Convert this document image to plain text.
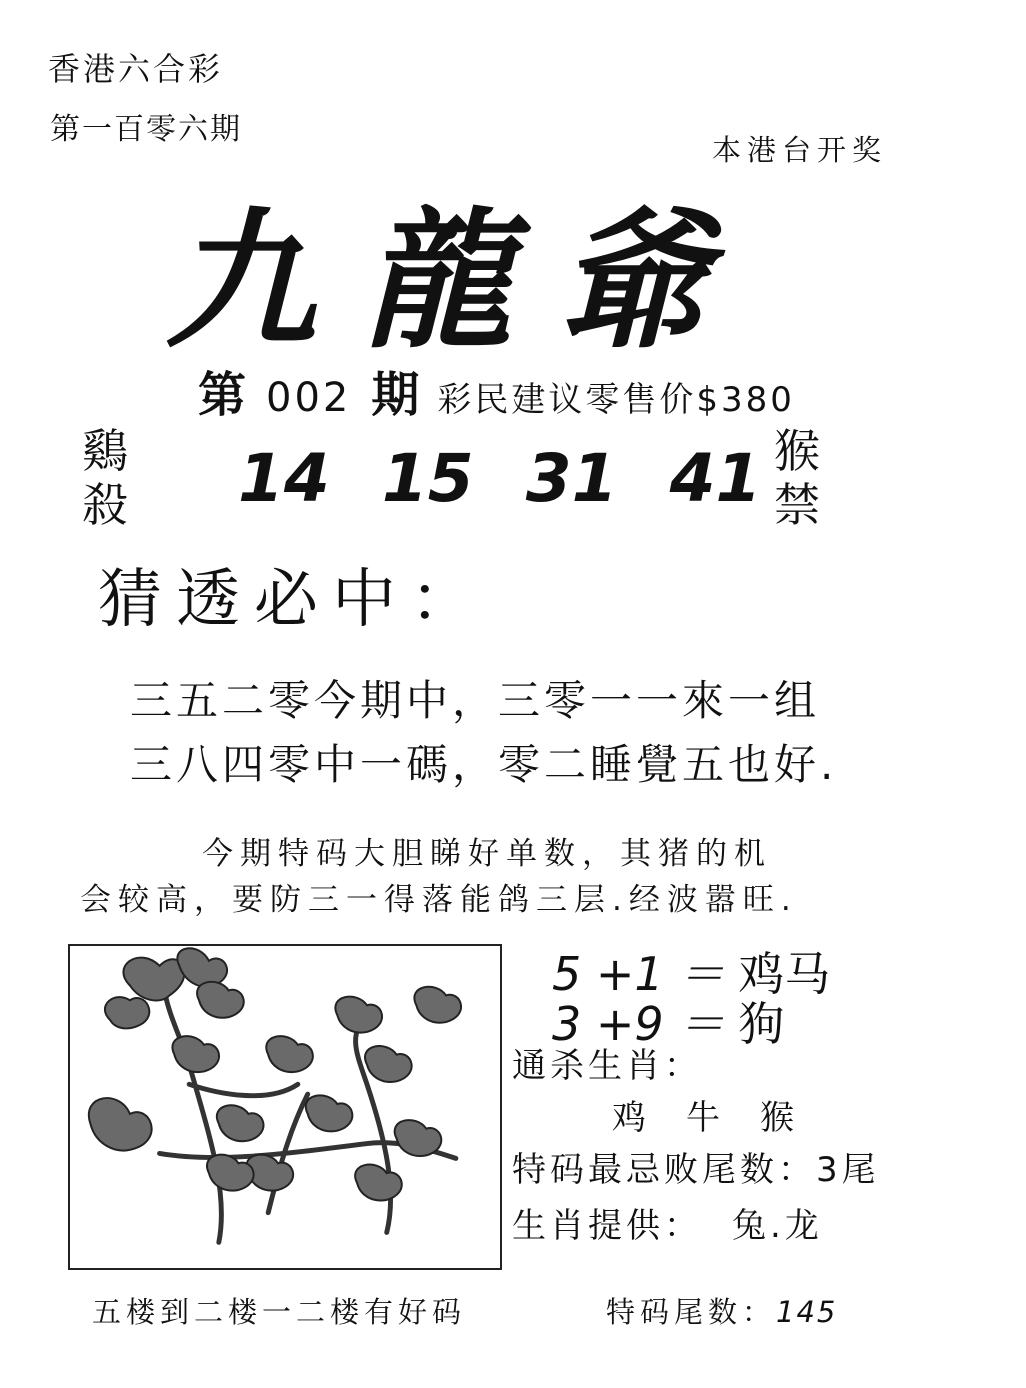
香港六合彩
第一百零六期
本港台开奖
九龍爺
第 002 期 彩民建议零售价$380
鷄
殺 14 15 31 41 猴
禁
猜透必中：
三五二零今期中，三零一一來一组
三八四零中一碼，零二睡覺五也好.
今期特码大胆睇好单数，其猪的机
会较高，要防三一得落能鸽三层.经波嚣旺.
5 +1 ＝ 鸡马
3 +9 ＝ 狗
通杀生肖：
鸡 牛 猴
特码最忌败尾数：3尾
生肖提供： 兔.龙
五楼到二楼一二楼有好码	特码尾数：145
